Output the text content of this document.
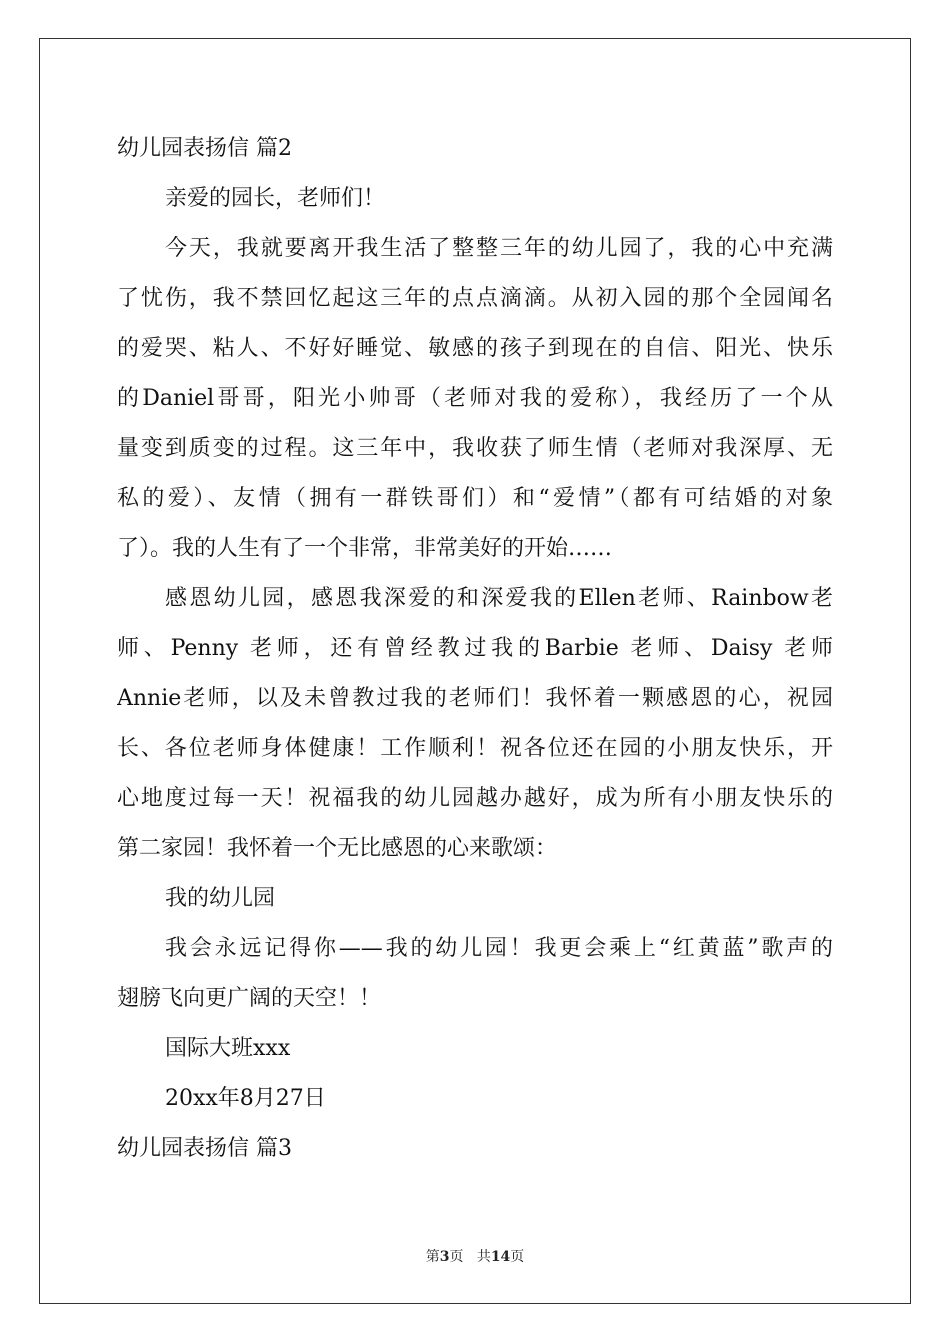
幼儿园表扬信 篇2
亲爱的园长，老师们！
今天，我就要离开我生活了整整三年的幼儿园了，我的心中充满
了忧伤，我不禁回忆起这三年的点点滴滴。从初入园的那个全园闻名
的爱哭、粘人、不好好睡觉、敏感的孩子到现在的自信、阳光、快乐
的Daniel哥哥，阳光小帅哥（老师对我的爱称），我经历了一个从
量变到质变的过程。这三年中，我收获了师生情（老师对我深厚、无
私的爱）、友情（拥有一群铁哥们）和“爱情”（都有可结婚的对象
了）。我的人生有了一个非常，非常美好的开始……
感恩幼儿园，感恩我深爱的和深爱我的Ellen老师、Rainbow老
师、Penny 老师，还有曾经教过我的Barbie 老师、Daisy 老师
Annie老师，以及未曾教过我的老师们！我怀着一颗感恩的心，祝园
长、各位老师身体健康！工作顺利！祝各位还在园的小朋友快乐，开
心地度过每一天！祝福我的幼儿园越办越好，成为所有小朋友快乐的
第二家园！我怀着一个无比感恩的心来歌颂：
我的幼儿园
我会永远记得你——我的幼儿园！我更会乘上“红黄蓝”歌声的
翅膀飞向更广阔的天空！！
国际大班xxx
20xx年8月27日
幼儿园表扬信 篇3
第3页 共14页
